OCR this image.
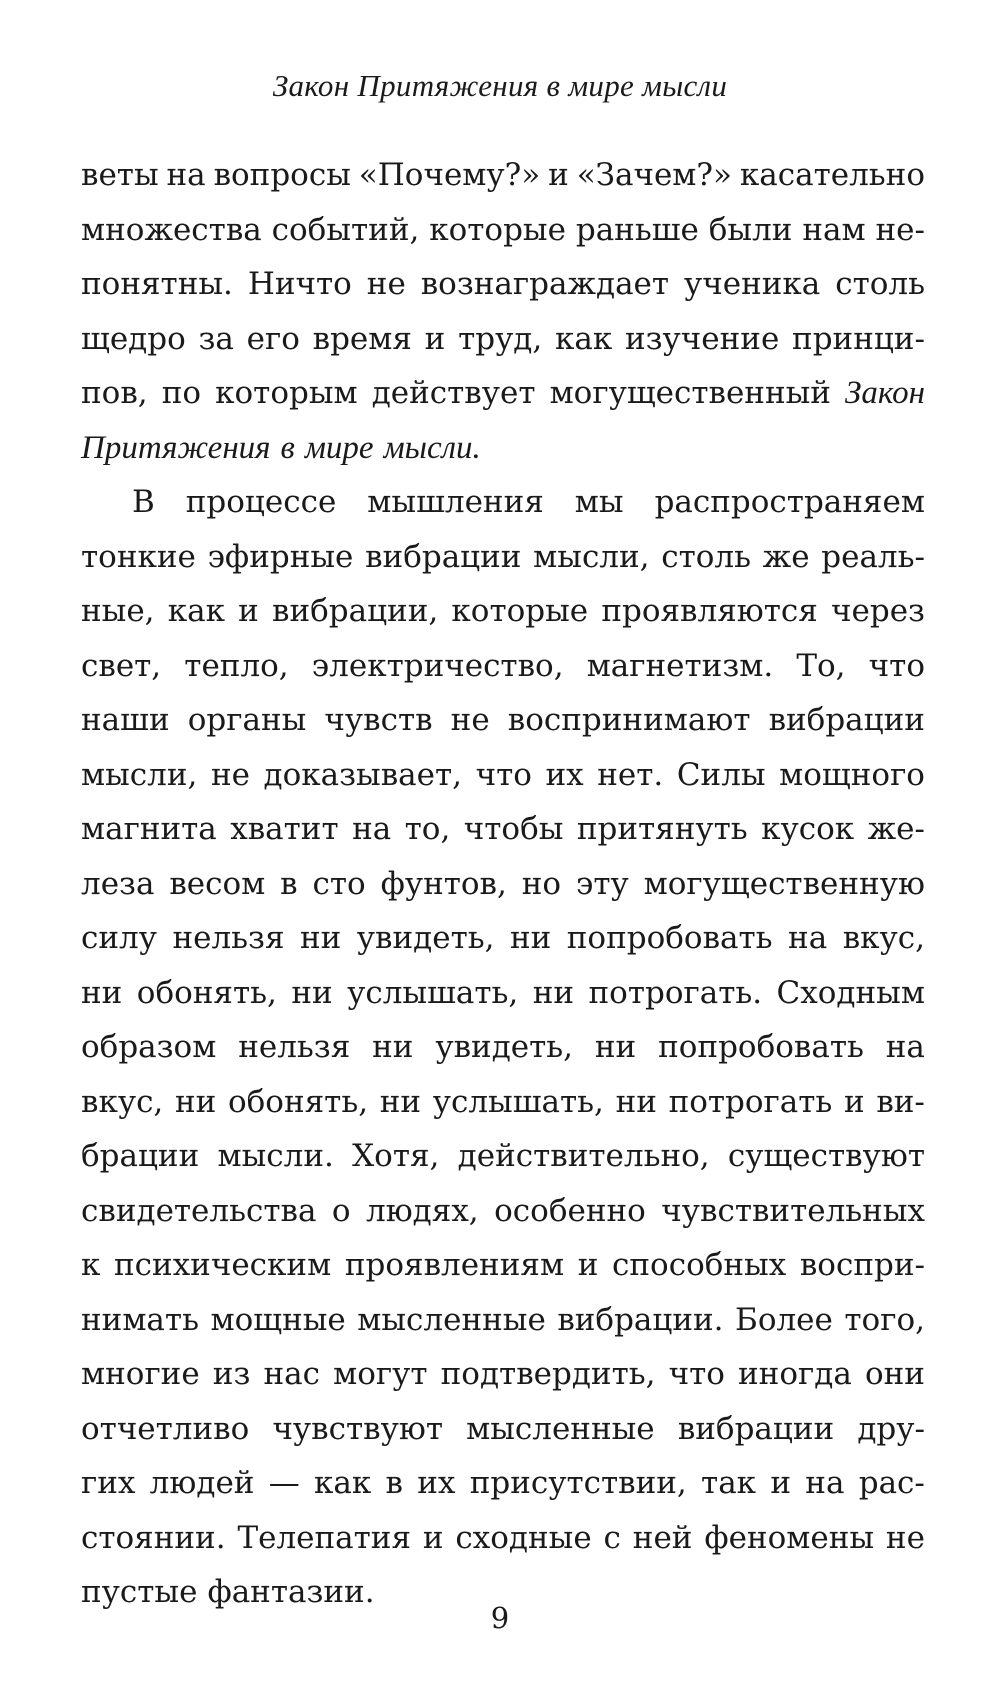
Закон Притяжения в мире мысли
веты на вопросы «Почему?» и «Зачем?» касательно
множества событий, которые раньше были нам не-
понятны. Ничто не вознаграждает ученика столь
щедро за его время и труд, как изучение принци-
пов, по которым действует могущественный Закон
Притяжения в мире мысли.
В процессе мышления мы распространяем
тонкие эфирные вибрации мысли, столь же реаль-
ные, как и вибрации, которые проявляются через
свет, тепло, электричество, магнетизм. То, что
наши органы чувств не воспринимают вибрации
мысли, не доказывает, что их нет. Силы мощного
магнита хватит на то, чтобы притянуть кусок же-
леза весом в сто фунтов, но эту могущественную
силу нельзя ни увидеть, ни попробовать на вкус,
ни обонять, ни услышать, ни потрогать. Сходным
образом нельзя ни увидеть, ни попробовать на
вкус, ни обонять, ни услышать, ни потрогать и ви-
брации мысли. Хотя, действительно, существуют
свидетельства о людях, особенно чувствительных
к психическим проявлениям и способных воспри-
нимать мощные мысленные вибрации. Более того,
многие из нас могут подтвердить, что иногда они
отчетливо чувствуют мысленные вибрации дру-
гих людей — как в их присутствии, так и на рас-
стоянии. Телепатия и сходные с ней феномены не
пустые фантазии.
9
